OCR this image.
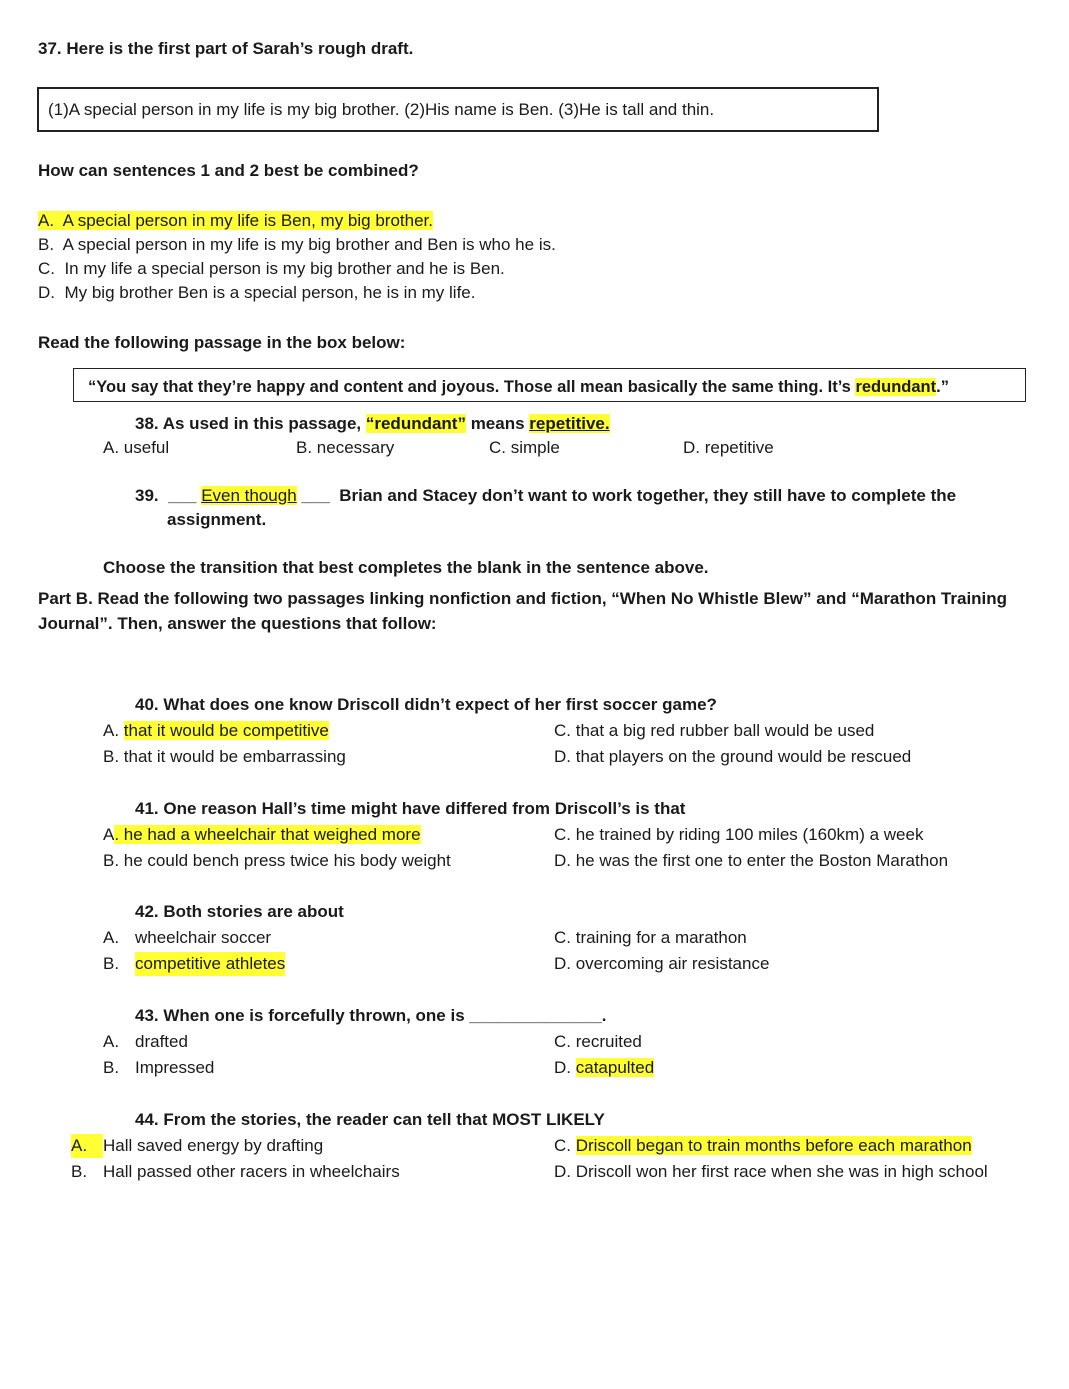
37. Here is the first part of Sarah’s rough draft.
(1)A special person in my life is my big brother. (2)His name is Ben. (3)He is tall and thin.
How can sentences 1 and 2 best be combined?
A. A special person in my life is Ben, my big brother.
B. A special person in my life is my big brother and Ben is who he is.
C. In my life a special person is my big brother and he is Ben.
D. My big brother Ben is a special person, he is in my life.
Read the following passage in the box below:
“You say that they’re happy and content and joyous. Those all mean basically the same thing. It’s redundant.”
38. As used in this passage, “redundant” means repetitive.
A. useful	B. necessary	C. simple	D. repetitive
39. ___ Even though ___ Brian and Stacey don’t want to work together, they still have to complete the
assignment.
Choose the transition that best completes the blank in the sentence above.
Part B. Read the following two passages linking nonfiction and fiction, “When No Whistle Blew” and “Marathon Training
Journal”. Then, answer the questions that follow:
40. What does one know Driscoll didn’t expect of her first soccer game?
A. that it would be competitive
B. that it would be embarrassing
C. that a big red rubber ball would be used
D. that players on the ground would be rescued
41. One reason Hall’s time might have differed from Driscoll’s is that
A. he had a wheelchair that weighed more
B. he could bench press twice his body weight
C. he trained by riding 100 miles (160km) a week
D. he was the first one to enter the Boston Marathon
42. Both stories are about
A. wheelchair soccer
B. competitive athletes
C. training for a marathon
D. overcoming air resistance
43. When one is forcefully thrown, one is ______________.
A. drafted
B. Impressed
C. recruited
D. catapulted
44. From the stories, the reader can tell that MOST LIKELY
A. Hall saved energy by drafting
B. Hall passed other racers in wheelchairs
C. Driscoll began to train months before each marathon
D. Driscoll won her first race when she was in high school
